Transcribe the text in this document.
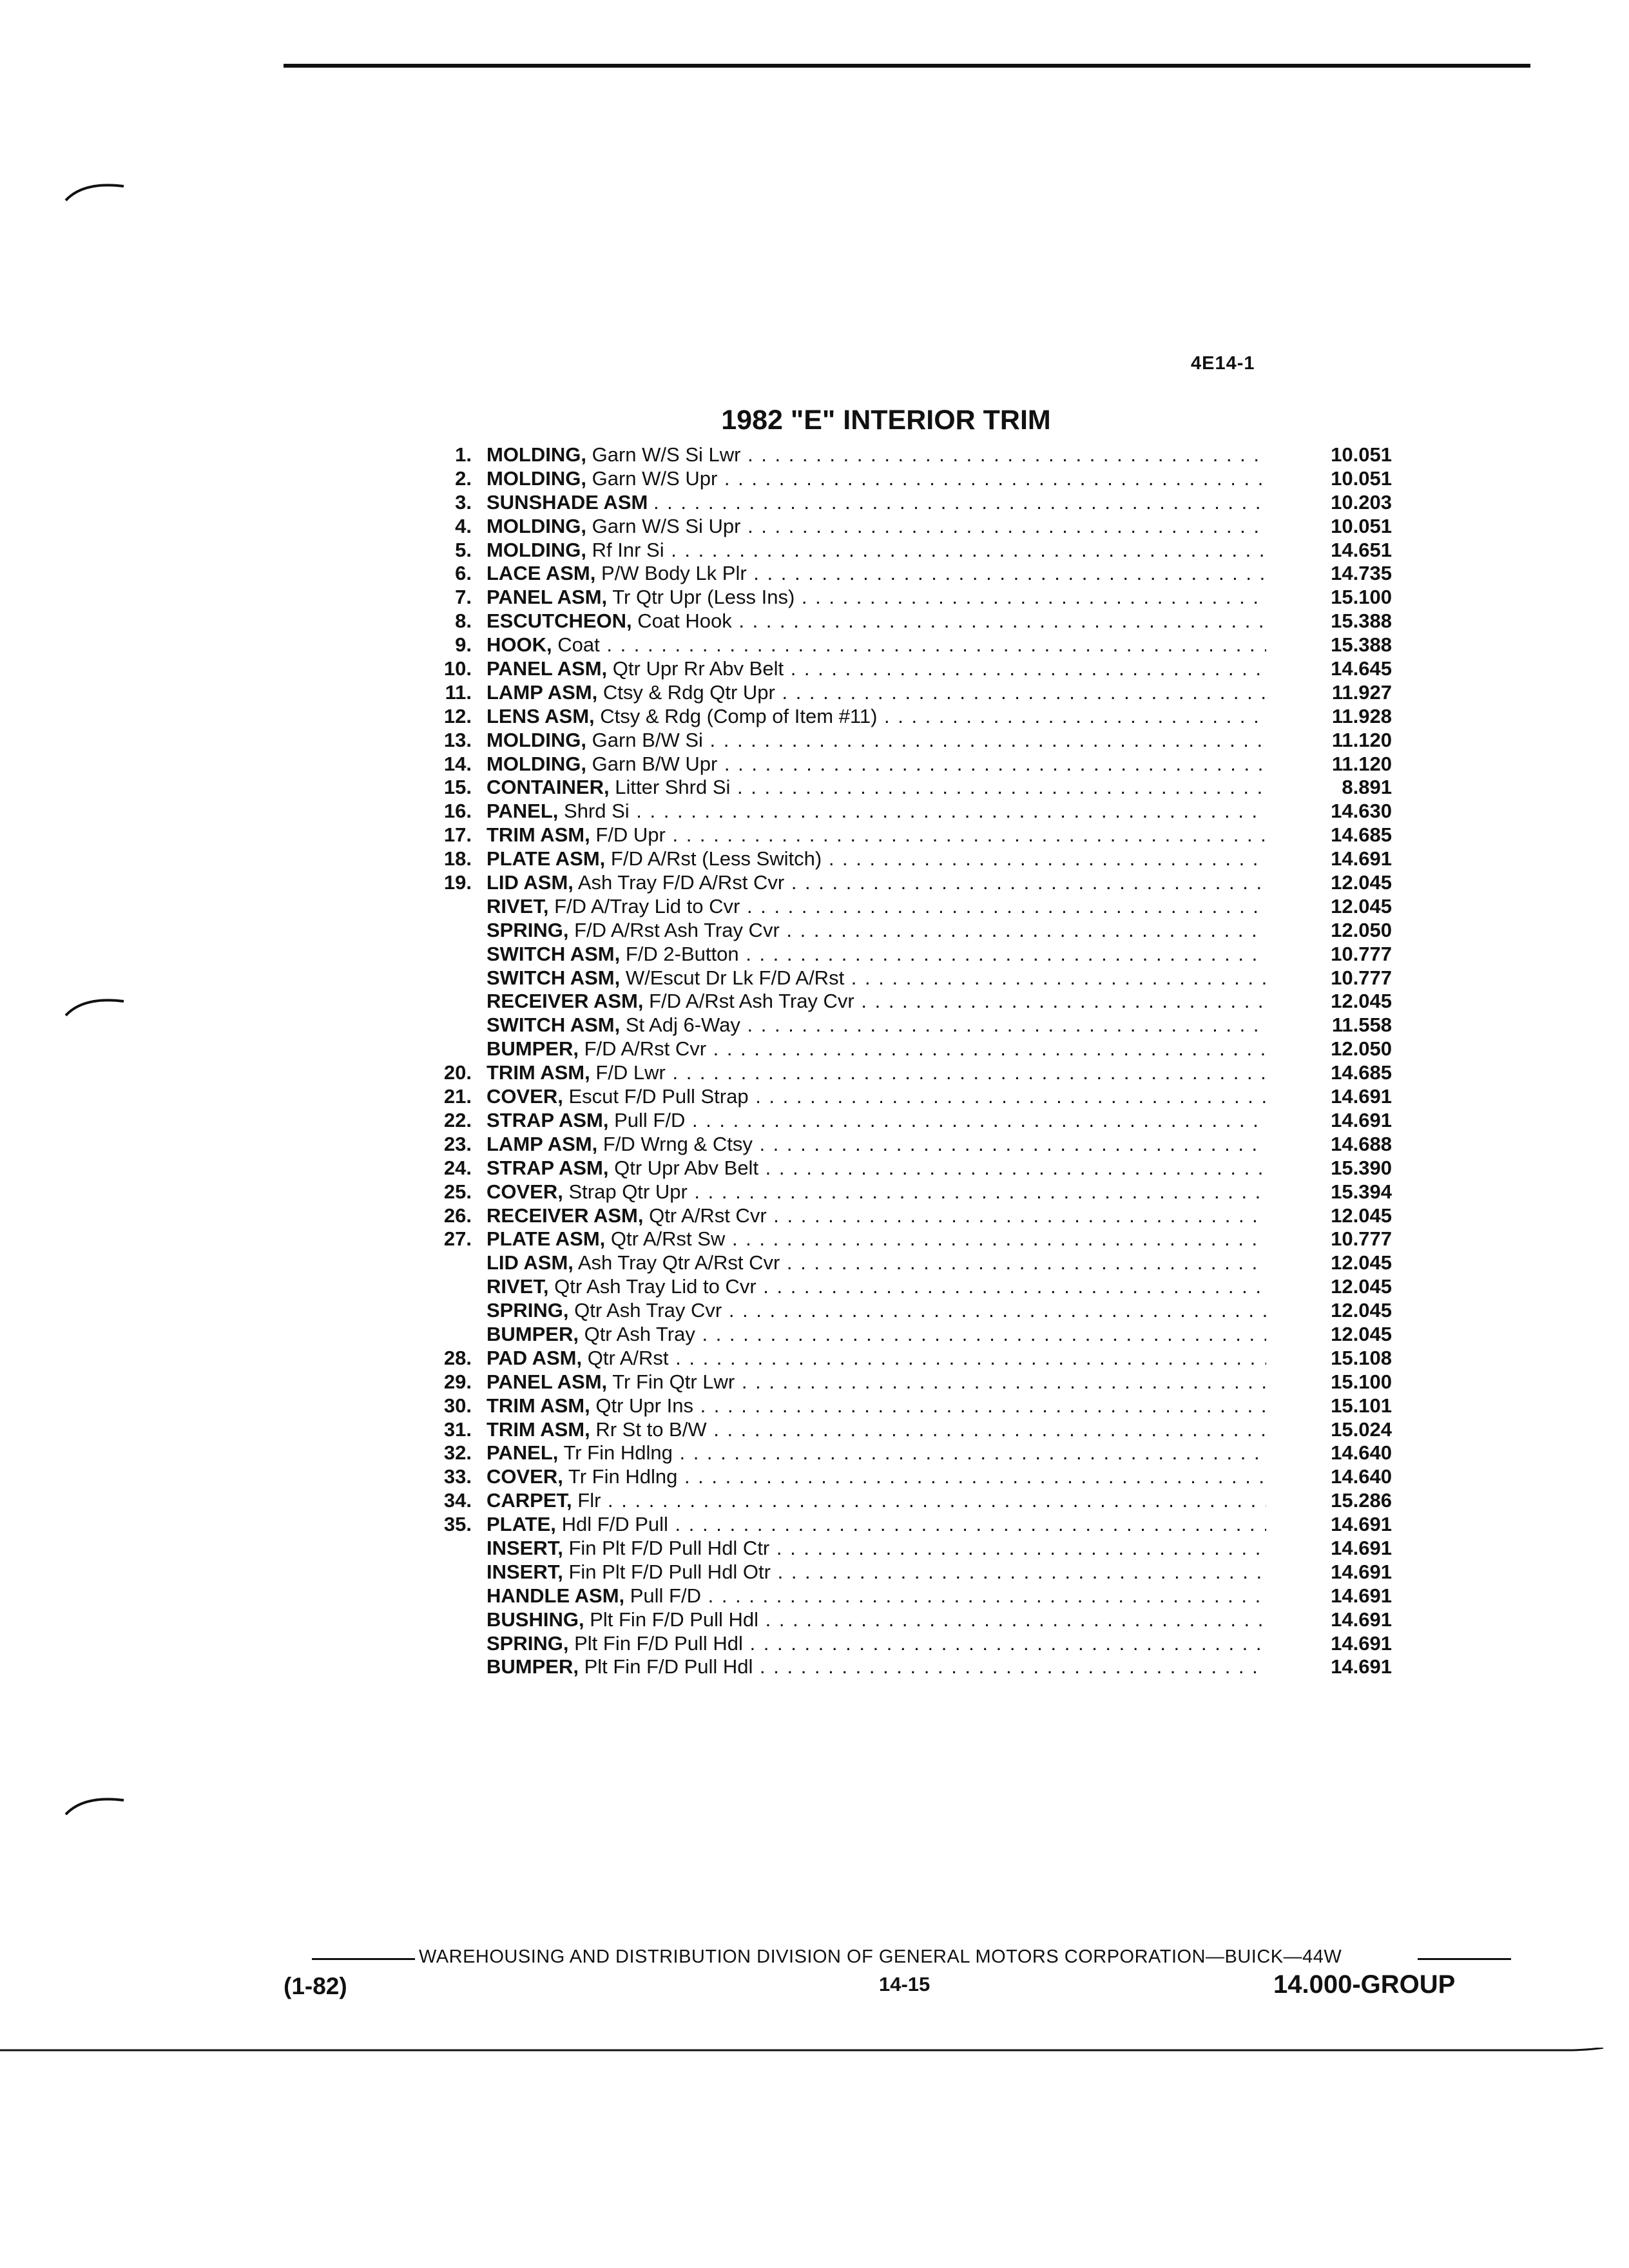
4E14-1
1982 "E" INTERIOR TRIM
1. MOLDING, Garn W/S Si Lwr . . .	10.051
2. MOLDING, Garn W/S Upr . . .	10.051
3. SUNSHADE ASM . . .	10.203
4. MOLDING, Garn W/S Si Upr . . .	10.051
5. MOLDING, Rf Inr Si . . .	14.651
6. LACE ASM, P/W Body Lk Plr . . .	14.735
7. PANEL ASM, Tr Qtr Upr (Less Ins) . . .	15.100
8. ESCUTCHEON, Coat Hook . . .	15.388
9. HOOK, Coat . . .	15.388
10. PANEL ASM, Qtr Upr Rr Abv Belt . . .	14.645
11. LAMP ASM, Ctsy & Rdg Qtr Upr . . .	11.927
12. LENS ASM, Ctsy & Rdg (Comp of Item #11) . . .	11.928
13. MOLDING, Garn B/W Si . . .	11.120
14. MOLDING, Garn B/W Upr . . .	11.120
15. CONTAINER, Litter Shrd Si . . .	8.891
16. PANEL, Shrd Si . . .	14.630
17. TRIM ASM, F/D Upr . . .	14.685
18. PLATE ASM, F/D A/Rst (Less Switch) . . .	14.691
19. LID ASM, Ash Tray F/D A/Rst Cvr . . .	12.045
RIVET, F/D A/Tray Lid to Cvr . . .	12.045
SPRING, F/D A/Rst Ash Tray Cvr . . .	12.050
SWITCH ASM, F/D 2-Button . . .	10.777
SWITCH ASM, W/Escut Dr Lk F/D A/Rst . . .	10.777
RECEIVER ASM, F/D A/Rst Ash Tray Cvr . . .	12.045
SWITCH ASM, St Adj 6-Way . . .	11.558
BUMPER, F/D A/Rst Cvr . . .	12.050
20. TRIM ASM, F/D Lwr . . .	14.685
21. COVER, Escut F/D Pull Strap . . .	14.691
22. STRAP ASM, Pull F/D . . .	14.691
23. LAMP ASM, F/D Wrng & Ctsy . . .	14.688
24. STRAP ASM, Qtr Upr Abv Belt . . .	15.390
25. COVER, Strap Qtr Upr . . .	15.394
26. RECEIVER ASM, Qtr A/Rst Cvr . . .	12.045
27. PLATE ASM, Qtr A/Rst Sw . . .	10.777
LID ASM, Ash Tray Qtr A/Rst Cvr . . .	12.045
RIVET, Qtr Ash Tray Lid to Cvr . . .	12.045
SPRING, Qtr Ash Tray Cvr . . .	12.045
BUMPER, Qtr Ash Tray . . .	12.045
28. PAD ASM, Qtr A/Rst . . .	15.108
29. PANEL ASM, Tr Fin Qtr Lwr . . .	15.100
30. TRIM ASM, Qtr Upr Ins . . .	15.101
31. TRIM ASM, Rr St to B/W . . .	15.024
32. PANEL, Tr Fin Hdlng . . .	14.640
33. COVER, Tr Fin Hdlng . . .	14.640
34. CARPET, Flr . . .	15.286
35. PLATE, Hdl F/D Pull . . .	14.691
INSERT, Fin Plt F/D Pull Hdl Ctr . . .	14.691
INSERT, Fin Plt F/D Pull Hdl Otr . . .	14.691
HANDLE ASM, Pull F/D . . .	14.691
BUSHING, Plt Fin F/D Pull Hdl . . .	14.691
SPRING, Plt Fin F/D Pull Hdl . . .	14.691
BUMPER, Plt Fin F/D Pull Hdl . . .	14.691
WAREHOUSING AND DISTRIBUTION DIVISION OF GENERAL MOTORS CORPORATION—BUICK—44W
(1-82)	14-15	14.000-GROUP
